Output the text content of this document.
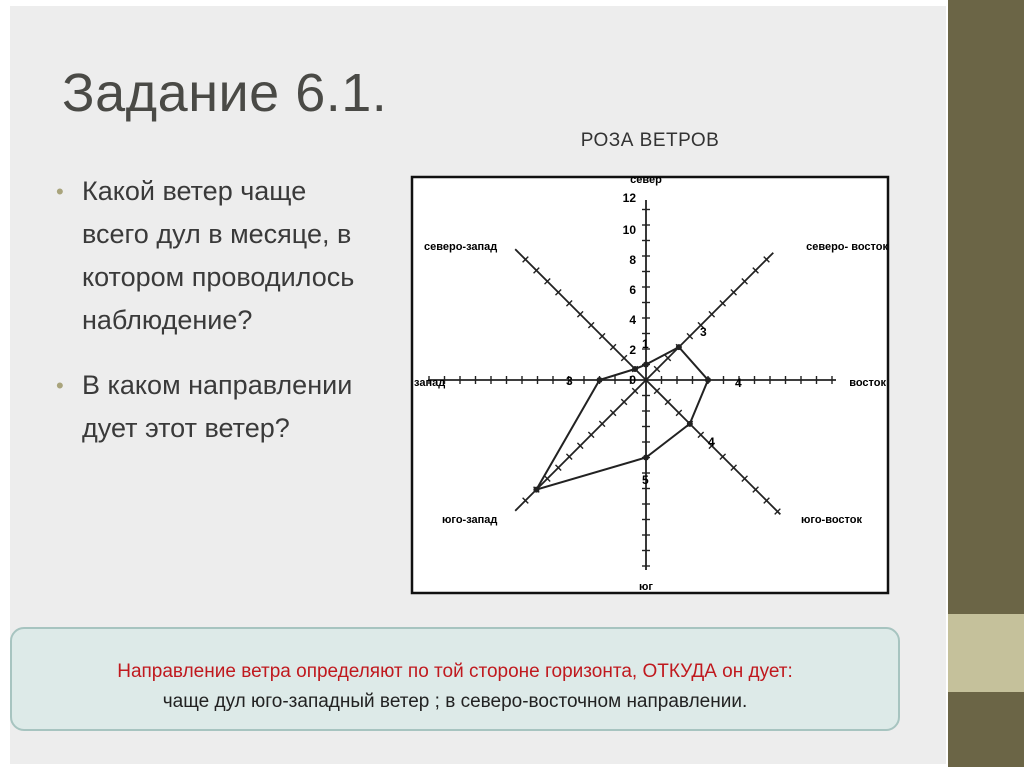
Задание 6.1.
• Какой ветер чаще всего дул в месяце, в котором проводилось наблюдение?
• В каком направлении дует этот ветер?
РОЗА ВЕТРОВ
0
2
4
6
8
10
12
север
юг
восток
запад
северо- восток
северо-запад
юго-восток
юго-запад
1
3
4
4
5
3
Направление ветра определяют по той стороне горизонта, ОТКУДА он дует:
чаще дул юго-западный ветер ; в северо-восточном направлении.
